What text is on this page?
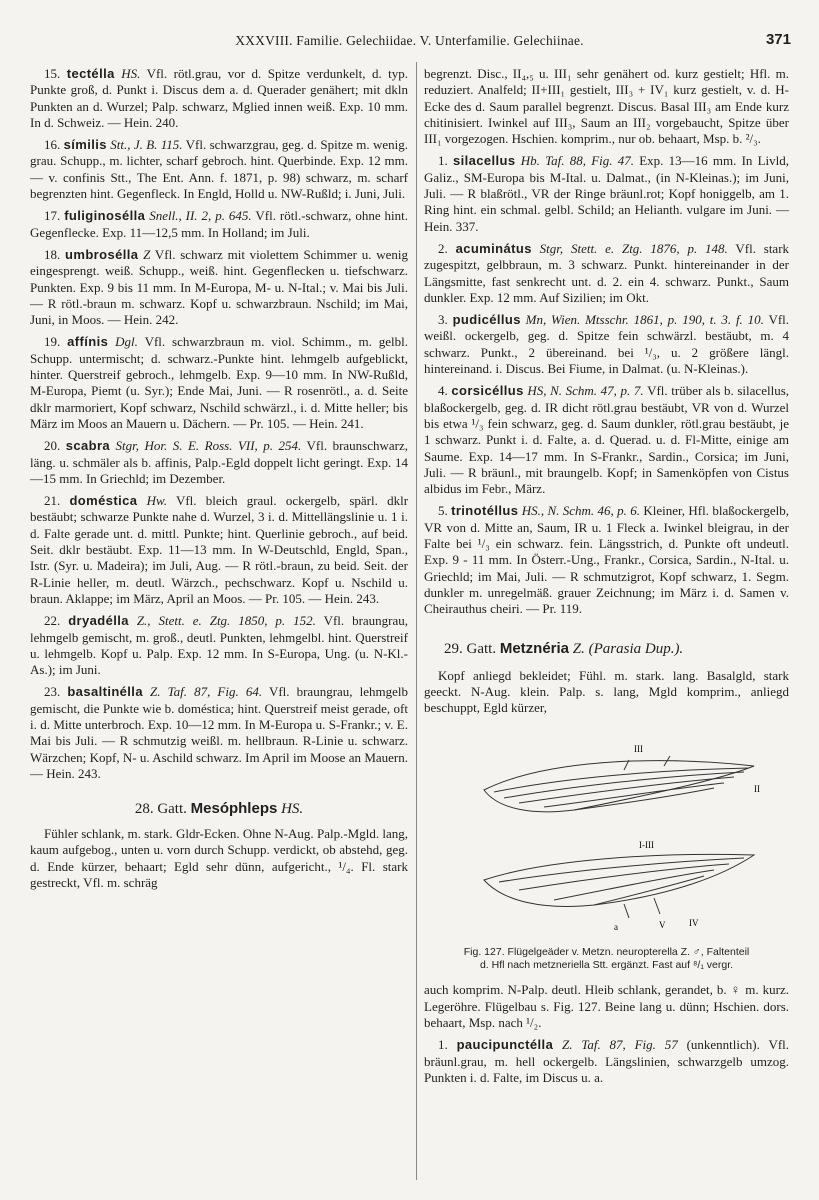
XXXVIII. Familie. Gelechiidae. V. Unterfamilie. Gelechiinae.	371

15. tectélla HS. Vfl. rötl.grau, vor d. Spitze verdunkelt, d. typ. Punkte groß, d. Punkt i. Discus dem a. d. Querader genähert; mit dkln Punkten an d. Wurzel; Palp. schwarz, Mglied innen weiß. Exp. 10 mm. In d. Schweiz. — Hein. 240.

16. símilis Stt., J. B. 115. Vfl. schwarzgrau, geg. d. Spitze m. wenig. grau. Schupp., m. lichter, scharf gebroch. hint. Querbinde. Exp. 12 mm. — v. confinis Stt., The Ent. Ann. f. 1871, p. 98) schwarz, m. scharf begrenzten hint. Gegenfleck. In Engld, Holld u. NW-Rußld; i. Juni, Juli.

17. fuliginosélla Snell., II. 2, p. 645. Vfl. rötl.-schwarz, ohne hint. Gegenflecke. Exp. 11—12,5 mm. In Holland; im Juli.

18. umbrosélla Z Vfl. schwarz mit violettem Schimmer u. wenig eingesprengt. weiß. Schupp., weiß. hint. Gegenflecken u. tiefschwarz. Punkten. Exp. 9 bis 11 mm. In M-Europa, M- u. N-Ital.; v. Mai bis Juli. — R rötl.-braun m. schwarz. Kopf u. schwarzbraun. Nschild; im Mai, Juni, in Moos. — Hein. 242.

19. affínis Dgl. Vfl. schwarzbraun m. viol. Schimm., m. gelbl. Schupp. untermischt; d. schwarz.-Punkte hint. lehmgelb aufgeblickt, hinter. Querstreif gebroch., lehmgelb. Exp. 9—10 mm. In NW-Rußld, M-Europa, Piemt (u. Syr.); Ende Mai, Juni. — R rosenrötl., a. d. Seite dklr marmoriert, Kopf schwarz, Nschild schwärzl., i. d. Mitte heller; bis März im Moos an Mauern u. Dächern. — Pr. 105. — Hein. 241.

20. scabra Stgr, Hor. S. E. Ross. VII, p. 254. Vfl. braunschwarz, läng. u. schmäler als b. affinis, Palp.-Egld doppelt licht geringt. Exp. 14—15 mm. In Griechld; im Dezember.

21. doméstica Hw. Vfl. bleich graul. ockergelb, spärl. dklr bestäubt; schwarze Punkte nahe d. Wurzel, 3 i. d. Mittellängslinie u. 1 i. d. Falte gerade unt. d. mittl. Punkte; hint. Querlinie gebroch., auf beid. Seit. dklr bestäubt. Exp. 11—13 mm. In W-Deutschld, Engld, Span., Istr. (Syr. u. Madeira); im Juli, Aug. — R rötl.-braun, zu beid. Seit. der R-Linie heller, m. deutl. Wärzch., pechschwarz. Kopf u. Nschild u. braun. Aklappe; im März, April an Moos. — Pr. 105. — Hein. 243.

22. dryadélla Z., Stett. e. Ztg. 1850, p. 152. Vfl. braungrau, lehmgelb gemischt, m. groß., deutl. Punkten, lehmgelbl. hint. Querstreif u. lehmgelb. Kopf u. Palp. Exp. 12 mm. In S-Europa, Ung. (u. N-Kl.-As.); im Juni.

23. basaltinélla Z. Taf. 87, Fig. 64. Vfl. braungrau, lehmgelb gemischt, die Punkte wie b. doméstica; hint. Querstreif meist gerade, oft i. d. Mitte unterbroch. Exp. 10—12 mm. In M-Europa u. S-Frankr.; v. E. Mai bis Juli. — R schmutzig weißl. m. hellbraun. R-Linie u. schwarz. Wärzchen; Kopf, N- u. Aschild schwarz. Im April im Moose an Mauern. — Hein. 243.

28. Gatt. Mesóphleps HS.

Fühler schlank, m. stark. Gldr-Ecken. Ohne N-Aug. Palp.-Mgld. lang, kaum aufgebog., unten u. vorn durch Schupp. verdickt, ob abstehd, geg. d. Ende kürzer, behaart; Egld sehr dünn, aufgericht., ¹/₄. Fl. stark gestreckt, Vfl. m. schräg

begrenzt. Disc., II₄,₅ u. III₁ sehr genähert od. kurz gestielt; Hfl. m. reduziert. Analfeld; II+III₁ gestielt, III₃ + IV₁ kurz gestielt, v. d. H-Ecke des d. Saum parallel begrenzt. Discus. Basal III₃ am Ende kurz chitinisiert. Iwinkel auf III₃, Saum an III₂ vorgebaucht, Spitze über III₁ vorgezogen. Hschien. komprim., nur ob. behaart, Msp. b. ²/₃.

1. silacellus Hb. Taf. 88, Fig. 47. Exp. 13—16 mm. In Livld, Galiz., SM-Europa bis M-Ital. u. Dalmat., (in N-Kleinas.); im Juni, Juli. — R blaßrötl., VR der Ringe bräunl.rot; Kopf honiggelb, am 1. Ring hint. ein schmal. gelbl. Schild; an Helianth. vulgare im Juni. — Hein. 337.

2. acuminátus Stgr, Stett. e. Ztg. 1876, p. 148. Vfl. stark zugespitzt, gelbbraun, m. 3 schwarz. Punkt. hintereinander in der Längsmitte, fast senkrecht unt. d. 2. ein 4. schwarz. Punkt., Saum dunkler. Exp. 12 mm. Auf Sizilien; im Okt.

3. pudicéllus Mn, Wien. Mtsschr. 1861, p. 190, t. 3. f. 10. Vfl. weißl. ockergelb, geg. d. Spitze fein schwärzl. bestäubt, m. 4 schwarz. Punkt., 2 übereinand. bei ¹/₃, u. 2 größere längl. hintereinand. i. Discus. Bei Fiume, in Dalmat. (u. N-Kleinas.).

4. corsicéllus HS, N. Schm. 47, p. 7. Vfl. trüber als b. silacellus, blaßockergelb, geg. d. IR dicht rötl.grau bestäubt, VR von d. Wurzel bis etwa ¹/₃ fein schwarz, geg. d. Saum dunkler, rötl.grau bestäubt, je 1 schwarz. Punkt i. d. Falte, a. d. Querad. u. d. Fl-Mitte, einige am Saume. Exp. 14—17 mm. In S-Frankr., Sardin., Corsica; im Juni, Juli. — R bräunl., mit braungelb. Kopf; in Samenköpfen von Cistus albidus im Febr., März.

5. trinotéllus HS., N. Schm. 46, p. 6. Kleiner, Hfl. blaßockergelb, VR von d. Mitte an, Saum, IR u. 1 Fleck a. Iwinkel bleigrau, in der Falte bei ¹/₃ ein schwarz. fein. Längsstrich, d. Punkte oft undeutl. Exp. 9 - 11 mm. In Österr.-Ung., Frankr., Corsica, Sardin., N-Ital. u. Griechld; im Mai, Juli. — R schmutzigrot, Kopf schwarz, 1. Segm. dunkler m. unregelmäß. grauer Zeichnung; im März i. d. Samen v. Cheirauthus cheiri. — Pr. 119.

29. Gatt. Metznéria Z. (Parasia Dup.).

Kopf anliegd bekleidet; Fühl. m. stark. lang. Basalgld, stark geeckt. N-Aug. klein. Palp. s. lang, Mgld komprim., anliegd beschuppt, Egld kürzer,

III
II
I-III
a	V	IV
Fig. 127. Flügelgeäder v. Metzn. neuropterella Z. ♂, Faltenteil
d. Hfl nach metzneriella Stt. ergänzt. Fast auf ⁸/₁ vergr.

auch komprim. N-Palp. deutl. Hleib schlank, gerandet, b. ♀ m. kurz. Legeröhre. Flügelbau s. Fig. 127. Beine lang u. dünn; Hschien. dors. behaart, Msp. nach ¹/₂.

1. paucipunctélla Z. Taf. 87, Fig. 57 (unkenntlich). Vfl. bräunl.grau, m. hell ockergelb. Längslinien, schwarzgelb umzog. Punkten i. d. Falte, im Discus u. a.
